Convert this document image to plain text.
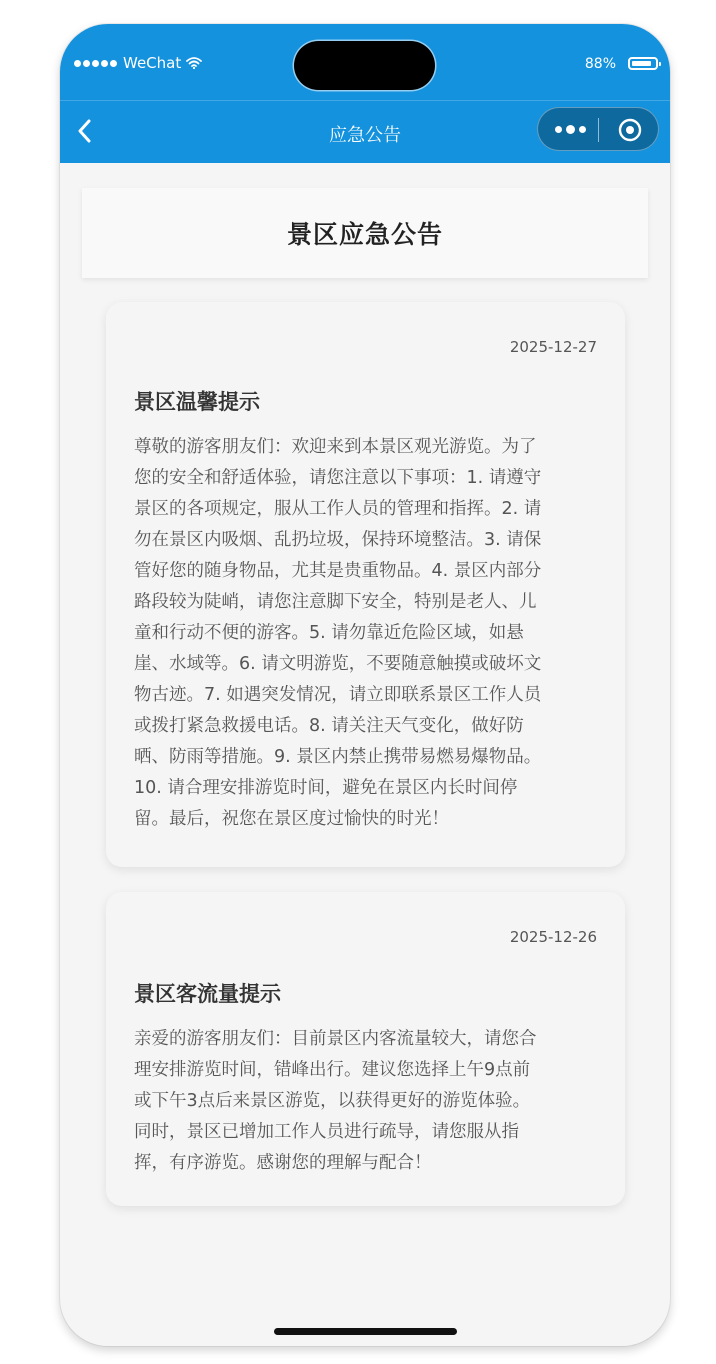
WeChat	88%
应急公告
景区应急公告
温馨提示	2025-12-27
景区温馨提示
尊敬的游客朋友们：欢迎来到本景区观光游览。为了
您的安全和舒适体验，请您注意以下事项：1. 请遵守
景区的各项规定，服从工作人员的管理和指挥。2. 请
勿在景区内吸烟、乱扔垃圾，保持环境整洁。3. 请保
管好您的随身物品，尤其是贵重物品。4. 景区内部分
路段较为陡峭，请您注意脚下安全，特别是老人、儿
童和行动不便的游客。5. 请勿靠近危险区域，如悬
崖、水域等。6. 请文明游览，不要随意触摸或破坏文
物古迹。7. 如遇突发情况，请立即联系景区工作人员
或拨打紧急救援电话。8. 请关注天气变化，做好防
晒、防雨等措施。9. 景区内禁止携带易燃易爆物品。
10. 请合理安排游览时间，避免在景区内长时间停
留。最后，祝您在景区度过愉快的时光！
客流量提示	2025-12-26
景区客流量提示
亲爱的游客朋友们：目前景区内客流量较大，请您合
理安排游览时间，错峰出行。建议您选择上午9点前
或下午3点后来景区游览，以获得更好的游览体验。
同时，景区已增加工作人员进行疏导，请您服从指
挥，有序游览。感谢您的理解与配合！
